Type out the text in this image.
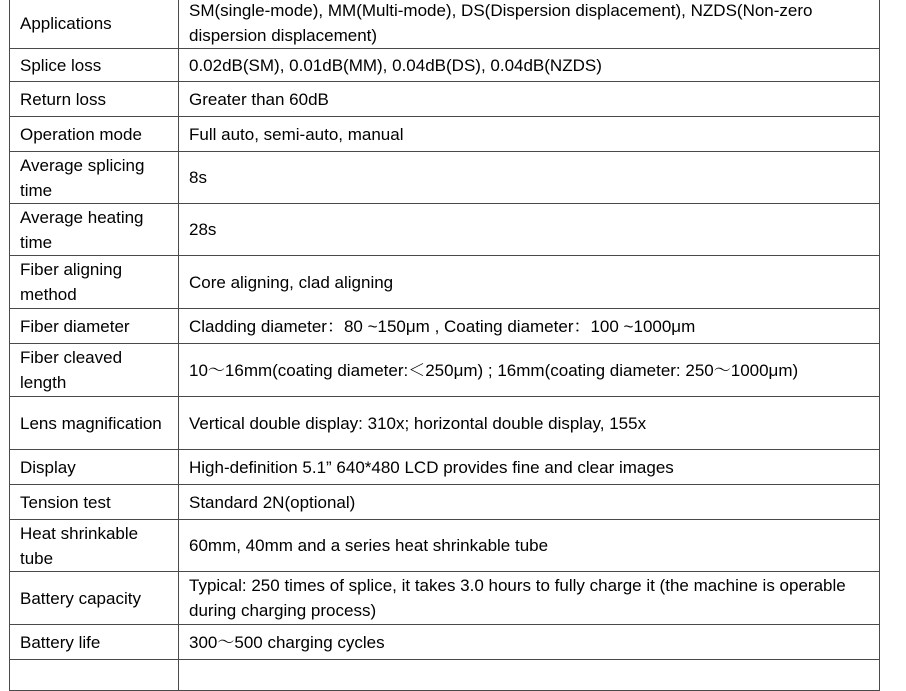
Applications	SM(single-mode), MM(Multi-mode), DS(Dispersion displacement), NZDS(Non-zero dispersion displacement)
Splice loss	0.02dB(SM), 0.01dB(MM), 0.04dB(DS), 0.04dB(NZDS)
Return loss	Greater than 60dB
Operation mode	Full auto, semi-auto, manual
Average splicing time	8s
Average heating time	28s
Fiber aligning method	Core aligning, clad aligning
Fiber diameter	Cladding diameter：80 ~150μm , Coating diameter：100 ~1000μm
Fiber cleaved length	10～16mm(coating diameter:＜250μm) ; 16mm(coating diameter: 250～1000μm)
Lens magnification	Vertical double display: 310x; horizontal double display, 155x
Display	High-definition 5.1” 640*480 LCD provides fine and clear images
Tension test	Standard 2N(optional)
Heat shrinkable tube	60mm, 40mm and a series heat shrinkable tube
Battery capacity	Typical: 250 times of splice, it takes 3.0 hours to fully charge it (the machine is operable during charging process)
Battery life	300～500 charging cycles
